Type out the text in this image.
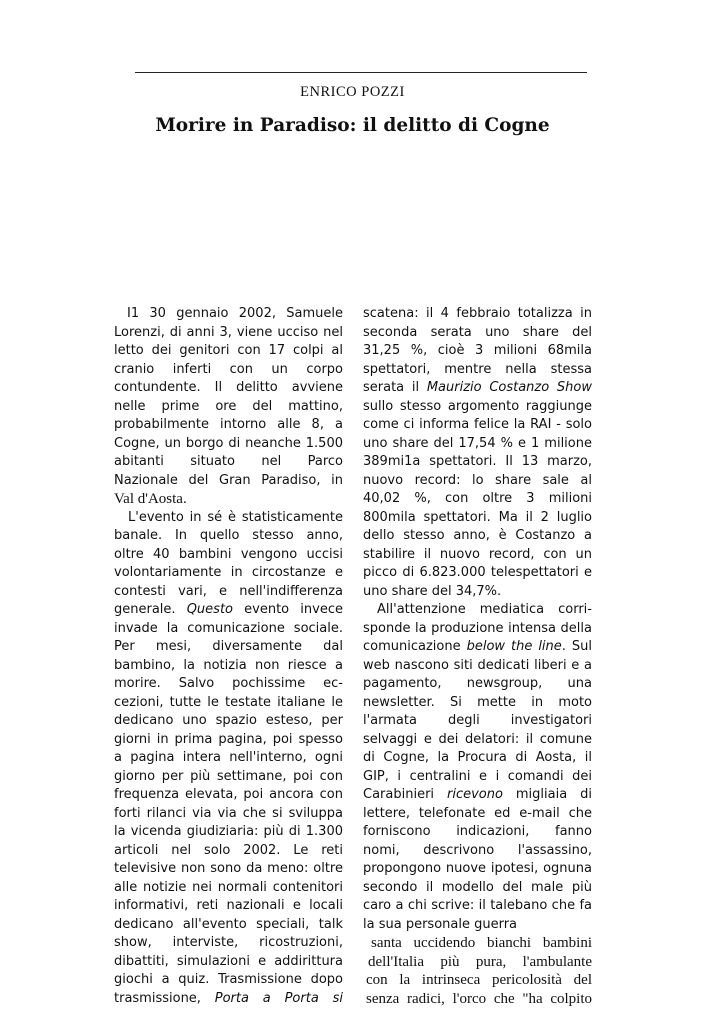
ENRICO POZZI
Morire in Paradiso: il delitto di Cogne
I1 30 gennaio 2002, Samuele
Lorenzi, di anni 3, viene ucciso nel
letto dei genitori con 17 colpi al
cranio inferti con un corpo
contundente. Il delitto avviene
nelle prime ore del mattino,
probabilmente intorno alle 8, a
Cogne, un borgo di neanche 1.500
abitanti situato nel Parco
Nazionale del Gran Paradiso, in
Val d'Aosta.
L'evento in sé è statisticamente
banale. In quello stesso anno,
oltre 40 bambini vengono uccisi
volontariamente in circostanze e
contesti vari, e nell'indifferenza
generale. Questo evento invece
invade la comunicazione sociale.
Per mesi, diversamente dal
bambino, la notizia non riesce a
morire. Salvo pochissime ec-
cezioni, tutte le testate italiane le
dedicano uno spazio esteso, per
giorni in prima pagina, poi spesso
a pagina intera nell'interno, ogni
giorno per più settimane, poi con
frequenza elevata, poi ancora con
forti rilanci via via che si sviluppa
la vicenda giudiziaria: più di 1.300
articoli nel solo 2002. Le reti
televisive non sono da meno: oltre
alle notizie nei normali contenitori
informativi, reti nazionali e locali
dedicano all'evento speciali, talk
show, interviste, ricostruzioni,
dibattiti, simulazioni e addirittura
giochi a quiz. Trasmissione dopo
trasmissione, Porta a Porta si
scatena: il 4 febbraio totalizza in
seconda serata uno share del
31,25 %, cioè 3 milioni 68mila
spettatori, mentre nella stessa
serata il Maurizio Costanzo Show
sullo stesso argomento raggiunge
come ci informa felice la RAI - solo
uno share del 17,54 % e 1 milione
389mi1a spettatori. Il 13 marzo,
nuovo record: lo share sale al
40,02 %, con oltre 3 milioni
800mila spettatori. Ma il 2 luglio
dello stesso anno, è Costanzo a
stabilire il nuovo record, con un
picco di 6.823.000 telespettatori e
uno share del 34,7%.
All'attenzione mediatica corri-
sponde la produzione intensa della
comunicazione below the line. Sul
web nascono siti dedicati liberi e a
pagamento, newsgroup, una
newsletter. Si mette in moto
l'armata degli investigatori
selvaggi e dei delatori: il comune
di Cogne, la Procura di Aosta, il
GIP, i centralini e i comandi dei
Carabinieri ricevono migliaia di
lettere, telefonate ed e-mail che
forniscono indicazioni, fanno
nomi, descrivono l'assassino,
propongono nuove ipotesi, ognuna
secondo il modello del male più
caro a chi scrive: il talebano che fa
la sua personale guerra
santa uccidendo bianchi bambini
dell'Italia più pura, l'ambulante
con la intrinseca pericolosità del
senza radici, l'orco che "ha colpito
